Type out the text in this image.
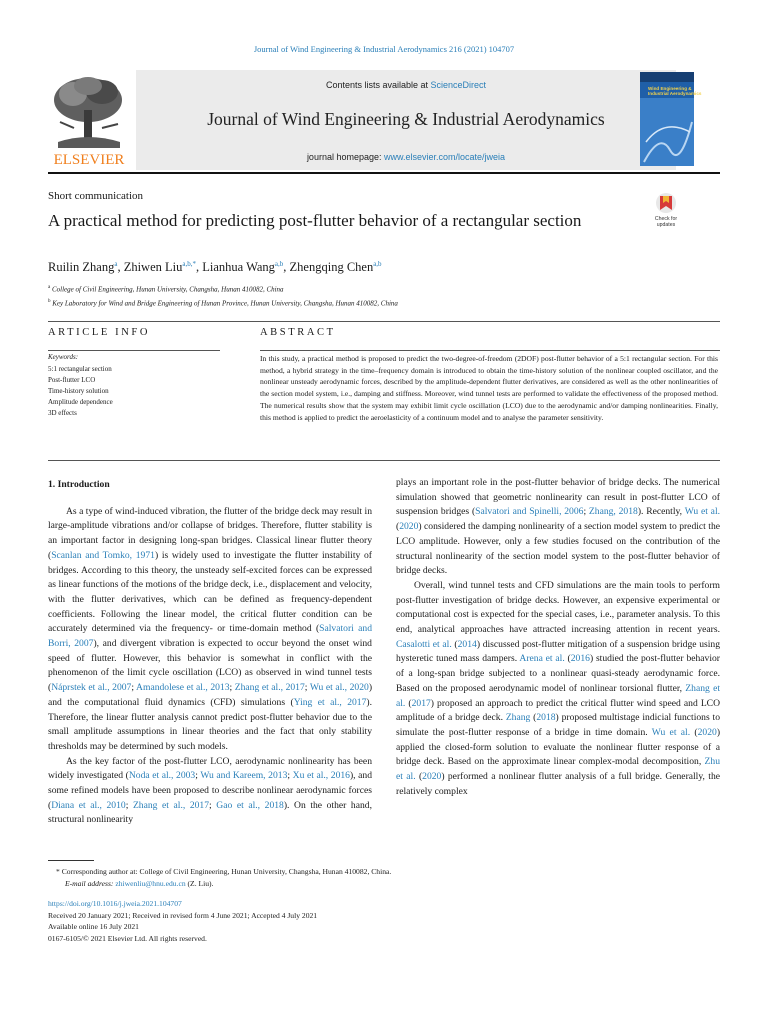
Journal of Wind Engineering & Industrial Aerodynamics 216 (2021) 104707
ELSEVIER
Contents lists available at ScienceDirect
Journal of Wind Engineering & Industrial Aerodynamics
journal homepage: www.elsevier.com/locate/jweia
Wind Engineering &
Industrial Aerodynamics
Short communication
A practical method for predicting post-flutter behavior of a rectangular section	Check for
updates
Ruilin Zhang$^a$, Zhiwen Liu$^{a,b,*}$, Lianhua Wang$^{a,b}$, Zhengqing Chen$^{a,b}$
$^a$ College of Civil Engineering, Hunan University, Changsha, Hunan 410082, China
$^b$ Key Laboratory for Wind and Bridge Engineering of Hunan Province, Hunan University, Changsha, Hunan 410082, China
ARTICLE INFO	ABSTRACT
Keywords:
5:1 rectangular section
Post-flutter LCO
Time-history solution
Amplitude dependence
3D effects
In this study, a practical method is proposed to predict the two-degree-of-freedom (2DOF) post-flutter behavior of a 5:1 rectangular section. For this method, a hybrid strategy in the time–frequency domain is introduced to obtain the time-history solution of the nonlinear coupled oscillator, and the nonlinear unsteady aerodynamic forces, described by the amplitude-dependent flutter derivatives, are considered as well as the other nonlinearities of the section model system, i.e., damping and stiffness. Moreover, wind tunnel tests are performed to validate the effectiveness of the proposed method. The numerical results show that the system may exhibit limit cycle oscillation (LCO) due to the aerodynamic and/or damping nonlinearities. Finally, this method is applied to predict the aeroelasticity of a continuum model and to analyse the parameter sensitivity.

1. Introduction

As a type of wind-induced vibration, the flutter of the bridge deck may result in large-amplitude vibrations and/or collapse of bridges. Therefore, flutter stability is an important factor in designing long-span bridges. Classical linear flutter theory (Scanlan and Tomko, 1971) is widely used to investigate the flutter instability of bridges. According to this theory, the unsteady self-excited forces can be expressed as linear functions of the motions of the bridge deck, i.e., displacement and velocity, with the flutter derivatives, which can be defined as frequency-dependent coefficients. Following the linear model, the critical flutter condition can be accurately determined via the frequency- or time-domain method (Salvatori and Borri, 2007), and divergent vibration is expected to occur beyond the onset wind speed of flutter. However, this behavior is somewhat in conflict with the phenomenon of the limit cycle oscillation (LCO) as observed in wind tunnel tests (Náprstek et al., 2007; Amandolese et al., 2013; Zhang et al., 2017; Wu et al., 2020) and the computational fluid dynamics (CFD) simulations (Ying et al., 2017). Therefore, the linear flutter analysis cannot predict post-flutter behavior due to the small amplitude assumptions in linear theories and the fact that only stability thresholds may be determined by such models.

As the key factor of the post-flutter LCO, aerodynamic nonlinearity has been widely investigated (Noda et al., 2003; Wu and Kareem, 2013; Xu et al., 2016), and some refined models have been proposed to describe nonlinear aerodynamic forces (Diana et al., 2010; Zhang et al., 2017; Gao et al., 2018). On the other hand, structural nonlinearity

plays an important role in the post-flutter behavior of bridge decks. The numerical simulation showed that geometric nonlinearity can result in post-flutter LCO of suspension bridges (Salvatori and Spinelli, 2006; Zhang, 2018). Recently, Wu et al. (2020) considered the damping nonlinearity of a section model system to predict the LCO amplitude. However, only a few studies focused on the contribution of the structural nonlinearity of the section model system to the post-flutter behavior of bridge decks.

Overall, wind tunnel tests and CFD simulations are the main tools to perform post-flutter investigation of bridge decks. However, an expensive experimental or computational cost is expected for the special cases, i.e., parameter analysis. To this end, analytical approaches have attracted increasing attention in recent years. Casalotti et al. (2014) discussed post-flutter mitigation of a suspension bridge using hysteretic tuned mass dampers. Arena et al. (2016) studied the post-flutter behavior of a long-span bridge subjected to a nonlinear quasi-steady aerodynamic force. Based on the proposed aerodynamic model of nonlinear torsional flutter, Zhang et al. (2017) proposed an approach to predict the critical flutter wind speed and LCO amplitude of a bridge deck. Zhang (2018) proposed multistage indicial functions to simulate the post-flutter response of a bridge in time domain. Wu et al. (2020) applied the closed-form solution to evaluate the nonlinear flutter response of a bridge deck. Based on the approximate linear complex-modal decomposition, Zhu et al. (2020) performed a nonlinear flutter analysis of a full bridge. Generally, the relatively complex

* Corresponding author at: College of Civil Engineering, Hunan University, Changsha, Hunan 410082, China.
E-mail address: zhiwenliu@hnu.edu.cn (Z. Liu).
https://doi.org/10.1016/j.jweia.2021.104707
Received 20 January 2021; Received in revised form 4 June 2021; Accepted 4 July 2021
Available online 16 July 2021
0167-6105/© 2021 Elsevier Ltd. All rights reserved.
